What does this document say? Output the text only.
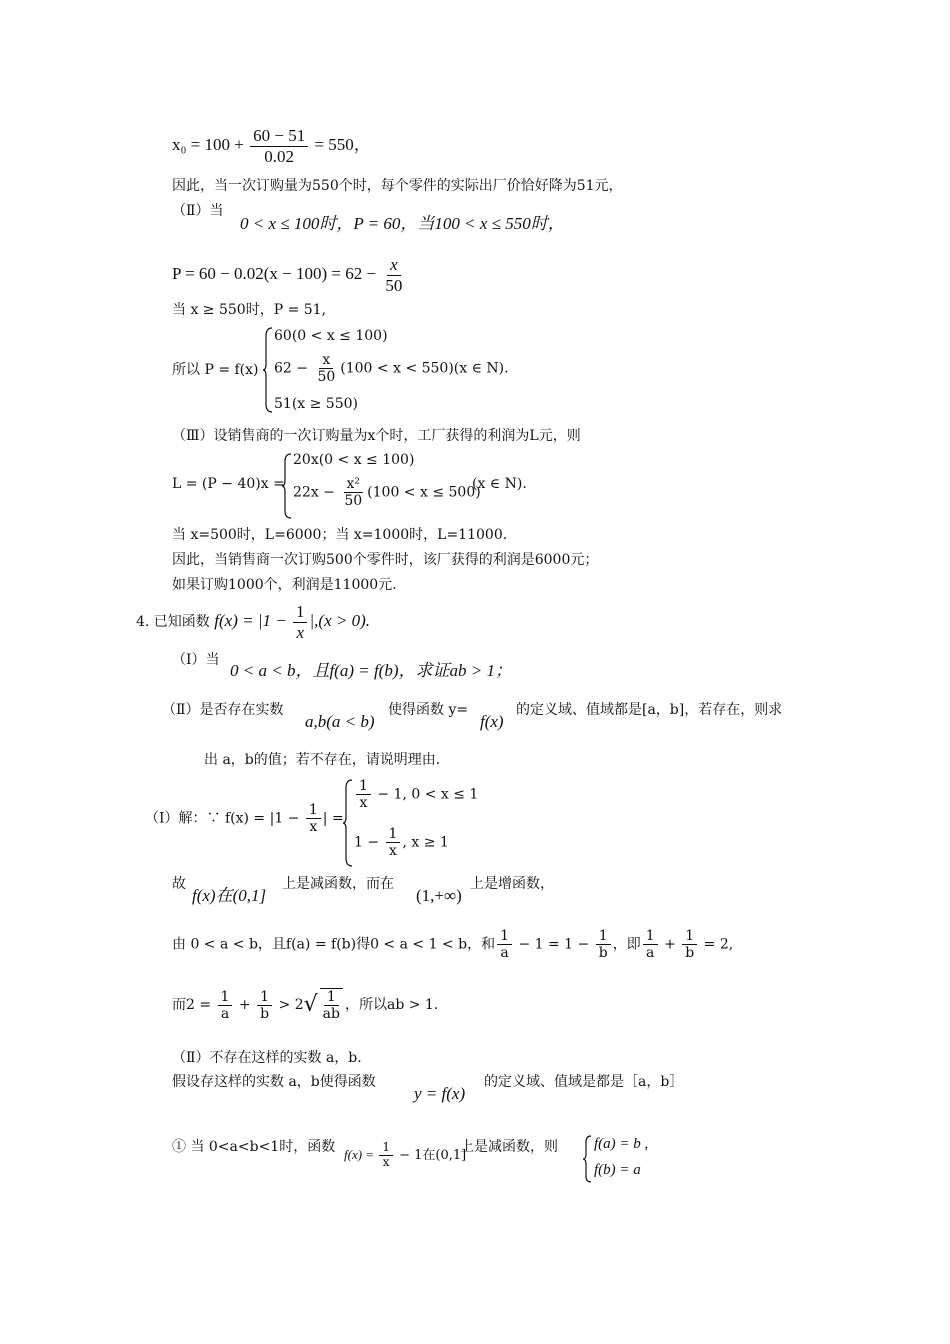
$x_0 = 100 + \frac{60 - 51}{0.02} = 550$，
因此，当一次订购量为550个时，每个零件的实际出厂价恰好降为51元，
（Ⅱ）当
0 < x ≤ 100时，P = 60，当100 < x ≤ 550时，
$P = 60 - 0.02(x - 100) = 62 - \frac{x}{50}$
当 x ≥ 550时，P = 51,
所以 P = f(x)
60(0 < x ≤ 100)
$62 - \frac{x}{50} (100 < x < 550)(x$ ∈ N).
51(x ≥ 550)
（Ⅲ）设销售商的一次订购量为x个时，工厂获得的利润为L元，则
L = (P − 40)x =
20x(0 < x ≤ 100)
$22x - \frac{\text{x²}}{50} (100 < x \le 500)$
(x ∈ N).
当 x=500时，L=6000；当 x=1000时，L=11000.
因此，当销售商一次订购500个零件时，该厂获得的利润是6000元；
如果订购1000个，利润是11000元.
4. 已知函数 $f(x) = |1 - \frac{1}{x} |,(x > 0)$.
（Ⅰ）当
0 < a < b，且f(a) = f(b)，求证ab > 1；
（Ⅱ）是否存在实数
a,b(a < b)
使得函数 y=
f(x)
的定义域、值域都是[a，b]，若存在，则求
出 a，b的值；若不存在，请说明理由.
（Ⅰ）解：∵ $f(x) = |1 - \frac{1}{x}$ | =
$\frac{1}{x} - 1$, 0 < x ≤ 1
$1 - \frac{1}{x}$ , x ≥ 1
故
f(x)在(0,1]
上是减函数，而在
(1,+∞)
上是增函数，
由 0 < a < b，且f(a) = f(b)得0 < a < 1 < b，和 $\frac{1}{a} - 1 = 1 - \frac{1}{b}$ ，即 $\frac{1}{a} + \frac{1}{b} = 2$,
而$2 = \frac{1}{a} + \frac{1}{b} > 2√ \frac{1}{ab}$ ，所以ab > 1.
（Ⅱ）不存在这样的实数 a，b.
假设存这样的实数 a，b使得函数
y = f(x)
的定义域、值域是都是［a，b］
① 当 0<a<b<1时，函数 $f(x) = \frac{1}{x} - 1$在(0,1]
上是减函数，则 f(a) = b ,
f(b) = a
